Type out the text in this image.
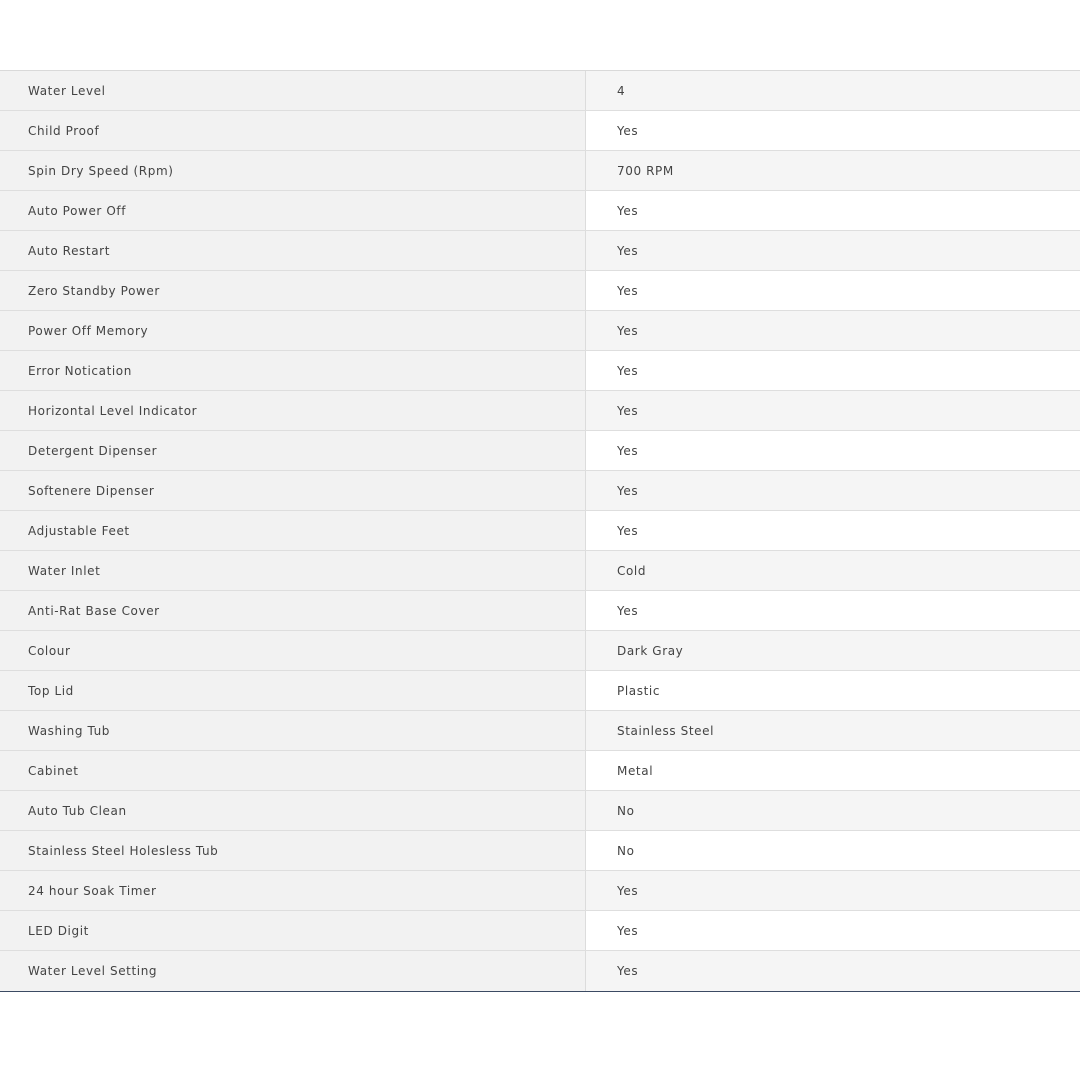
Water Level	4
Child Proof	Yes
Spin Dry Speed (Rpm)	700 RPM
Auto Power Off	Yes
Auto Restart	Yes
Zero Standby Power	Yes
Power Off Memory	Yes
Error Notication	Yes
Horizontal Level Indicator	Yes
Detergent Dipenser	Yes
Softenere Dipenser	Yes
Adjustable Feet	Yes
Water Inlet	Cold
Anti-Rat Base Cover	Yes
Colour	Dark Gray
Top Lid	Plastic
Washing Tub	Stainless Steel
Cabinet	Metal
Auto Tub Clean	No
Stainless Steel Holesless Tub	No
24 hour Soak Timer	Yes
LED Digit	Yes
Water Level Setting	Yes
